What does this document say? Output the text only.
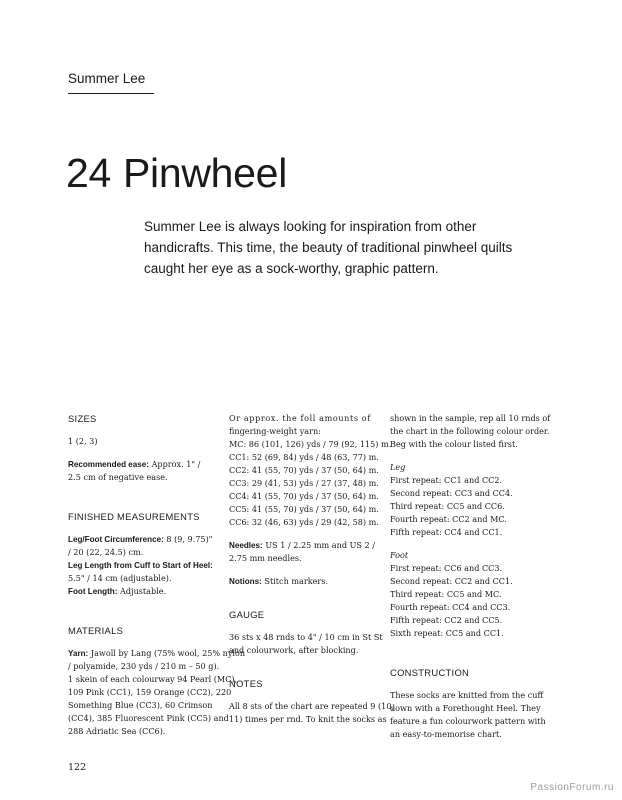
Summer Lee
24 Pinwheel

Summer Lee is always looking for inspiration from other

handicrafts. This time, the beauty of traditional pinwheel quilts

caught her eye as a sock-worthy, graphic pattern.

SIZES
1 (2, 3)
Recommended ease: Approx. 1" /
2.5 cm of negative ease.
FINISHED MEASUREMENTS
Leg/Foot Circumference: 8 (9, 9.75)"
/ 20 (22, 24.5) cm.
Leg Length from Cuff to Start of Heel:
5.5" / 14 cm (adjustable).
Foot Length: Adjustable.
MATERIALS
Yarn: Jawoll by Lang (75% wool, 25% nylon
/ polyamide, 230 yds / 210 m – 50 g).
1 skein of each colourway 94 Pearl (MC),
109 Pink (CC1), 159 Orange (CC2), 220
Something Blue (CC3), 60 Crimson
(CC4), 385 Fluorescent Pink (CC5) and
288 Adriatic Sea (CC6).
Or approx. the foll amounts of
fingering-weight yarn:
MC: 86 (101, 126) yds / 79 (92, 115) m.
CC1: 52 (69, 84) yds / 48 (63, 77) m.
CC2: 41 (55, 70) yds / 37 (50, 64) m.
CC3: 29 (41, 53) yds / 27 (37, 48) m.
CC4: 41 (55, 70) yds / 37 (50, 64) m.
CC5: 41 (55, 70) yds / 37 (50, 64) m.
CC6: 32 (46, 63) yds / 29 (42, 58) m.
Needles: US 1 / 2.25 mm and US 2 /
2.75 mm needles.
Notions: Stitch markers.
GAUGE
36 sts x 48 rnds to 4" / 10 cm in St St
and colourwork, after blocking.
NOTES
All 8 sts of the chart are repeated 9 (10,
11) times per rnd. To knit the socks as
shown in the sample, rep all 10 rnds of
the chart in the following colour order.
Beg with the colour listed first.
Leg
First repeat: CC1 and CC2.
Second repeat: CC3 and CC4.
Third repeat: CC5 and CC6.
Fourth repeat: CC2 and MC.
Fifth repeat: CC4 and CC1.
Foot
First repeat: CC6 and CC3.
Second repeat: CC2 and CC1.
Third repeat: CC5 and MC.
Fourth repeat: CC4 and CC3.
Fifth repeat: CC2 and CC5.
Sixth repeat: CC5 and CC1.
CONSTRUCTION
These socks are knitted from the cuff
down with a Forethought Heel. They
feature a fun colourwork pattern with
an easy-to-memorise chart.
122
PassionForum.ru
